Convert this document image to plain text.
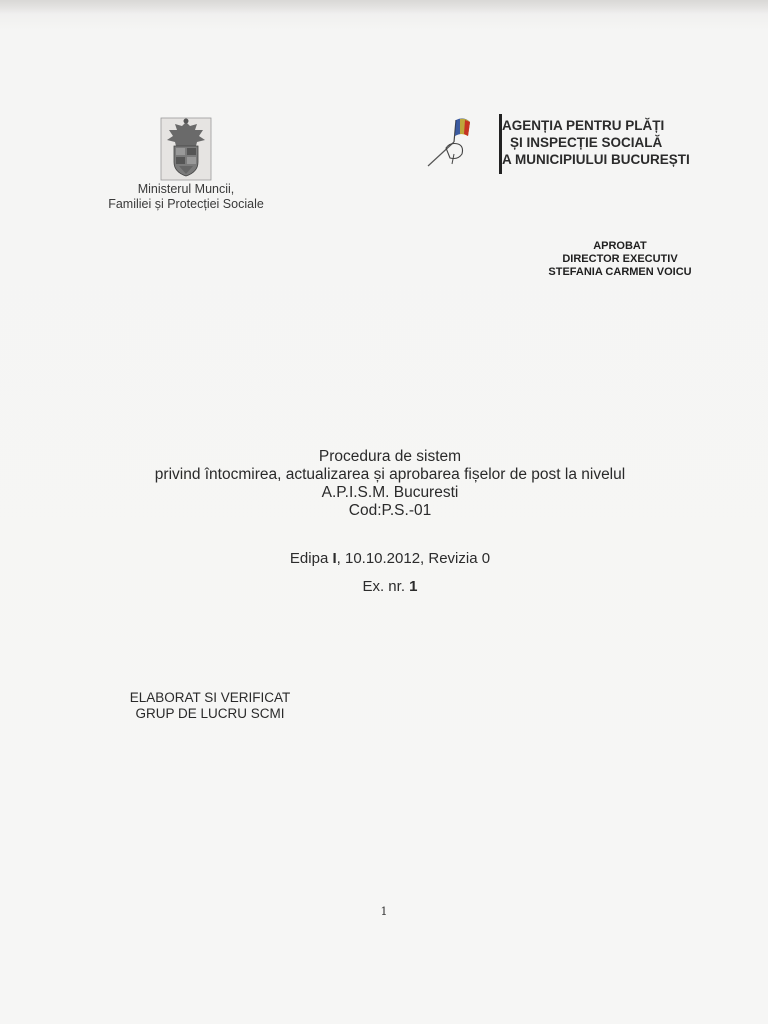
Ministerul Muncii,
Familiei și Protecției Sociale
AGENȚIA PENTRU PLĂȚI
ȘI INSPECȚIE SOCIALĂ
A MUNICIPIULUI BUCUREȘTI
APROBAT
DIRECTOR EXECUTIV
STEFANIA CARMEN VOICU
Procedura de sistem
privind întocmirea, actualizarea și aprobarea fișelor de post la nivelul
A.P.I.S.M. Bucuresti
Cod:P.S.-01
Edipa I, 10.10.2012, Revizia 0
Ex. nr. 1
ELABORAT SI VERIFICAT
GRUP DE LUCRU SCMI
1
